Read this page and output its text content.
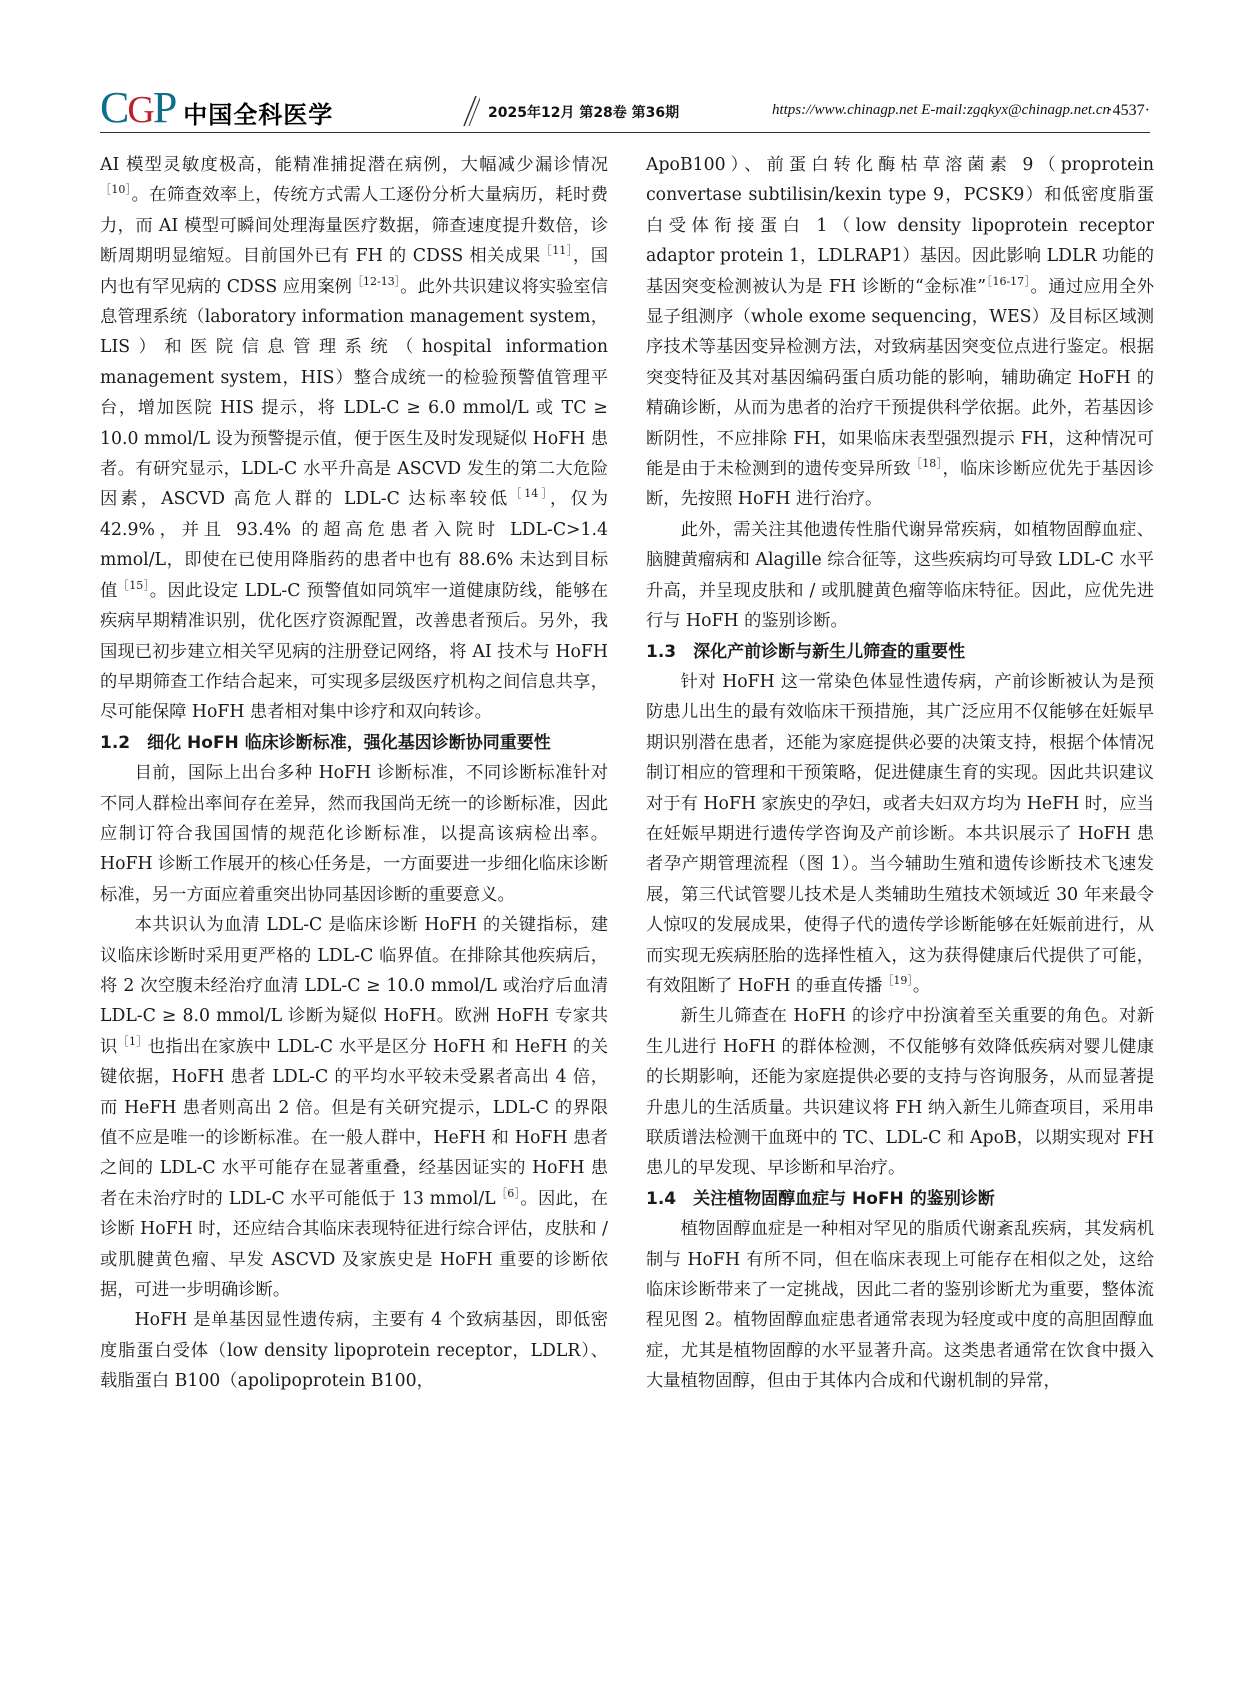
CGP 中国全科医学	2025年12月 第28卷 第36期	https://www.chinagp.net E-mail:zgqkyx@chinagp.net.cn
·4537·

AI 模型灵敏度极高，能精准捕捉潜在病例，大幅减少漏诊情况$^{[10]}$。在筛查效率上，传统方式需人工逐份分析大量病历，耗时费力，而 AI 模型可瞬间处理海量医疗数据，筛查速度提升数倍，诊断周期明显缩短。目前国外已有 FH 的 CDSS 相关成果$^{[11]}$，国内也有罕见病的 CDSS 应用案例$^{[12-13]}$。此外共识建议将实验室信息管理系统（laboratory information management system，LIS）和医院信息管理系统（hospital information management system，HIS）整合成统一的检验预警值管理平台，增加医院 HIS 提示，将 LDL-C ≥ 6.0 mmol/L 或 TC ≥ 10.0 mmol/L 设为预警提示值，便于医生及时发现疑似 HoFH 患者。有研究显示，LDL-C 水平升高是 ASCVD 发生的第二大危险因素，ASCVD 高危人群的 LDL-C 达标率较低$^{[14]}$，仅为 42.9%，并且 93.4% 的超高危患者入院时 LDL-C>1.4 mmol/L，即使在已使用降脂药的患者中也有 88.6% 未达到目标值$^{[15]}$。因此设定 LDL-C 预警值如同筑牢一道健康防线，能够在疾病早期精准识别，优化医疗资源配置，改善患者预后。另外，我国现已初步建立相关罕见病的注册登记网络，将 AI 技术与 HoFH 的早期筛查工作结合起来，可实现多层级医疗机构之间信息共享，尽可能保障 HoFH 患者相对集中诊疗和双向转诊。

1.2　细化 HoFH 临床诊断标准，强化基因诊断协同重要性

目前，国际上出台多种 HoFH 诊断标准，不同诊断标准针对不同人群检出率间存在差异，然而我国尚无统一的诊断标准，因此应制订符合我国国情的规范化诊断标准，以提高该病检出率。HoFH 诊断工作展开的核心任务是，一方面要进一步细化临床诊断标准，另一方面应着重突出协同基因诊断的重要意义。

本共识认为血清 LDL-C 是临床诊断 HoFH 的关键指标，建议临床诊断时采用更严格的 LDL-C 临界值。在排除其他疾病后，将 2 次空腹未经治疗血清 LDL-C ≥ 10.0 mmol/L 或治疗后血清 LDL-C ≥ 8.0 mmol/L 诊断为疑似 HoFH。欧洲 HoFH 专家共识$^{[1]}$也指出在家族中 LDL-C 水平是区分 HoFH 和 HeFH 的关键依据，HoFH 患者 LDL-C 的平均水平较未受累者高出 4 倍，而 HeFH 患者则高出 2 倍。但是有关研究提示，LDL-C 的界限值不应是唯一的诊断标准。在一般人群中，HeFH 和 HoFH 患者之间的 LDL-C 水平可能存在显著重叠，经基因证实的 HoFH 患者在未治疗时的 LDL-C 水平可能低于 13 mmol/$L^{[6]}$。因此，在诊断 HoFH 时，还应结合其临床表现特征进行综合评估，皮肤和 / 或肌腱黄色瘤、早发 ASCVD 及家族史是 HoFH 重要的诊断依据，可进一步明确诊断。

HoFH 是单基因显性遗传病，主要有 4 个致病基因，即低密度脂蛋白受体（low density lipoprotein receptor，LDLR）、载脂蛋白 B100（apolipoprotein B100，

ApoB100）、前蛋白转化酶枯草溶菌素 9（proprotein convertase subtilisin/kexin type 9，PCSK9）和低密度脂蛋白受体衔接蛋白 1（low density lipoprotein receptor adaptor protein 1，LDLRAP1）基因。因此影响 LDLR 功能的基因突变检测被认为是 FH 诊断的“金标准”$^{[16-17]}$。通过应用全外显子组测序（whole exome sequencing，WES）及目标区域测序技术等基因变异检测方法，对致病基因突变位点进行鉴定。根据突变特征及其对基因编码蛋白质功能的影响，辅助确定 HoFH 的精确诊断，从而为患者的治疗干预提供科学依据。此外，若基因诊断阴性，不应排除 FH，如果临床表型强烈提示 FH，这种情况可能是由于未检测到的遗传变异所致$^{[18]}$，临床诊断应优先于基因诊断，先按照 HoFH 进行治疗。

此外，需关注其他遗传性脂代谢异常疾病，如植物固醇血症、脑腱黄瘤病和 Alagille 综合征等，这些疾病均可导致 LDL-C 水平升高，并呈现皮肤和 / 或肌腱黄色瘤等临床特征。因此，应优先进行与 HoFH 的鉴别诊断。

1.3　深化产前诊断与新生儿筛查的重要性

针对 HoFH 这一常染色体显性遗传病，产前诊断被认为是预防患儿出生的最有效临床干预措施，其广泛应用不仅能够在妊娠早期识别潜在患者，还能为家庭提供必要的决策支持，根据个体情况制订相应的管理和干预策略，促进健康生育的实现。因此共识建议对于有 HoFH 家族史的孕妇，或者夫妇双方均为 HeFH 时，应当在妊娠早期进行遗传学咨询及产前诊断。本共识展示了 HoFH 患者孕产期管理流程（图 1）。当今辅助生殖和遗传诊断技术飞速发展，第三代试管婴儿技术是人类辅助生殖技术领域近 30 年来最令人惊叹的发展成果，使得子代的遗传学诊断能够在妊娠前进行，从而实现无疾病胚胎的选择性植入，这为获得健康后代提供了可能，有效阻断了 HoFH 的垂直传播$^{[19]}$。

新生儿筛查在 HoFH 的诊疗中扮演着至关重要的角色。对新生儿进行 HoFH 的群体检测，不仅能够有效降低疾病对婴儿健康的长期影响，还能为家庭提供必要的支持与咨询服务，从而显著提升患儿的生活质量。共识建议将 FH 纳入新生儿筛查项目，采用串联质谱法检测干血斑中的 TC、LDL-C 和 ApoB，以期实现对 FH 患儿的早发现、早诊断和早治疗。

1.4　关注植物固醇血症与 HoFH 的鉴别诊断

植物固醇血症是一种相对罕见的脂质代谢紊乱疾病，其发病机制与 HoFH 有所不同，但在临床表现上可能存在相似之处，这给临床诊断带来了一定挑战，因此二者的鉴别诊断尤为重要，整体流程见图 2。植物固醇血症患者通常表现为轻度或中度的高胆固醇血症，尤其是植物固醇的水平显著升高。这类患者通常在饮食中摄入大量植物固醇，但由于其体内合成和代谢机制的异常，
